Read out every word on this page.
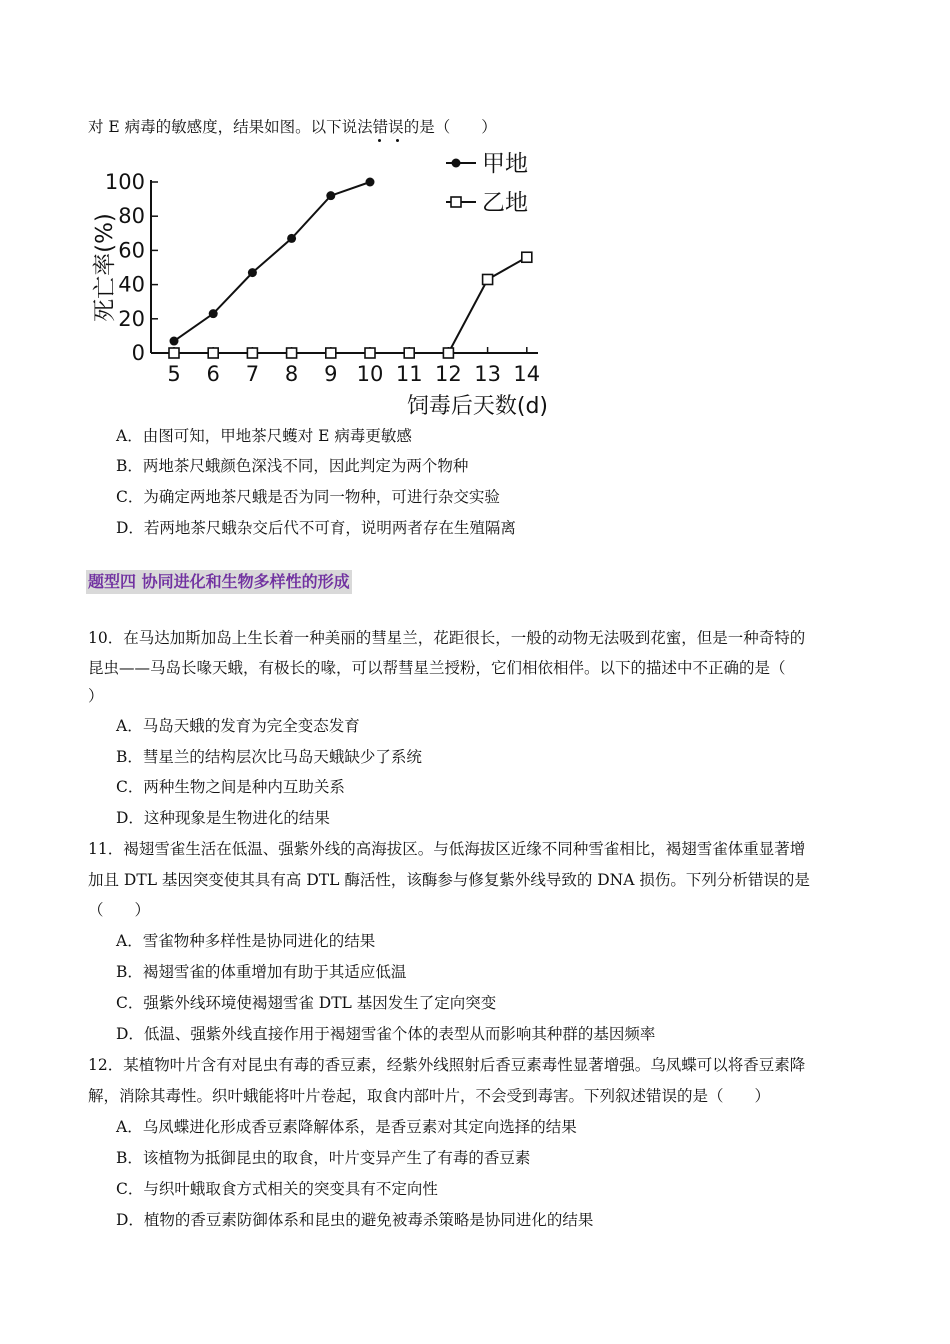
对 E 病毒的敏感度，结果如图。以下说法错误的是（　　）
0
20
40
60
80
100
5 6 7 8 9 10 11 12 13 14
死亡率(%)
饲毒后天数(d)
甲地
乙地
A．由图可知，甲地茶尺蠖对 E 病毒更敏感
B．两地茶尺蛾颜色深浅不同，因此判定为两个物种
C．为确定两地茶尺蛾是否为同一物种，可进行杂交实验
D．若两地茶尺蛾杂交后代不可育，说明两者存在生殖隔离
题型四 协同进化和生物多样性的形成
10．在马达加斯加岛上生长着一种美丽的彗星兰，花距很长，一般的动物无法吸到花蜜，但是一种奇特的
昆虫——马岛长喙天蛾，有极长的喙，可以帮彗星兰授粉，它们相依相伴。以下的描述中不正确的是（
）
A．马岛天蛾的发育为完全变态发育
B．彗星兰的结构层次比马岛天蛾缺少了系统
C．两种生物之间是种内互助关系
D．这种现象是生物进化的结果
11．褐翅雪雀生活在低温、强紫外线的高海拔区。与低海拔区近缘不同种雪雀相比，褐翅雪雀体重显著增
加且 DTL 基因突变使其具有高 DTL 酶活性，该酶参与修复紫外线导致的 DNA 损伤。下列分析错误的是
（　　）
A．雪雀物种多样性是协同进化的结果
B．褐翅雪雀的体重增加有助于其适应低温
C．强紫外线环境使褐翅雪雀 DTL 基因发生了定向突变
D．低温、强紫外线直接作用于褐翅雪雀个体的表型从而影响其种群的基因频率
12．某植物叶片含有对昆虫有毒的香豆素，经紫外线照射后香豆素毒性显著增强。乌凤蝶可以将香豆素降
解，消除其毒性。织叶蛾能将叶片卷起，取食内部叶片，不会受到毒害。下列叙述错误的是（　　）
A．乌凤蝶进化形成香豆素降解体系，是香豆素对其定向选择的结果
B．该植物为抵御昆虫的取食，叶片变异产生了有毒的香豆素
C．与织叶蛾取食方式相关的突变具有不定向性
D．植物的香豆素防御体系和昆虫的避免被毒杀策略是协同进化的结果
